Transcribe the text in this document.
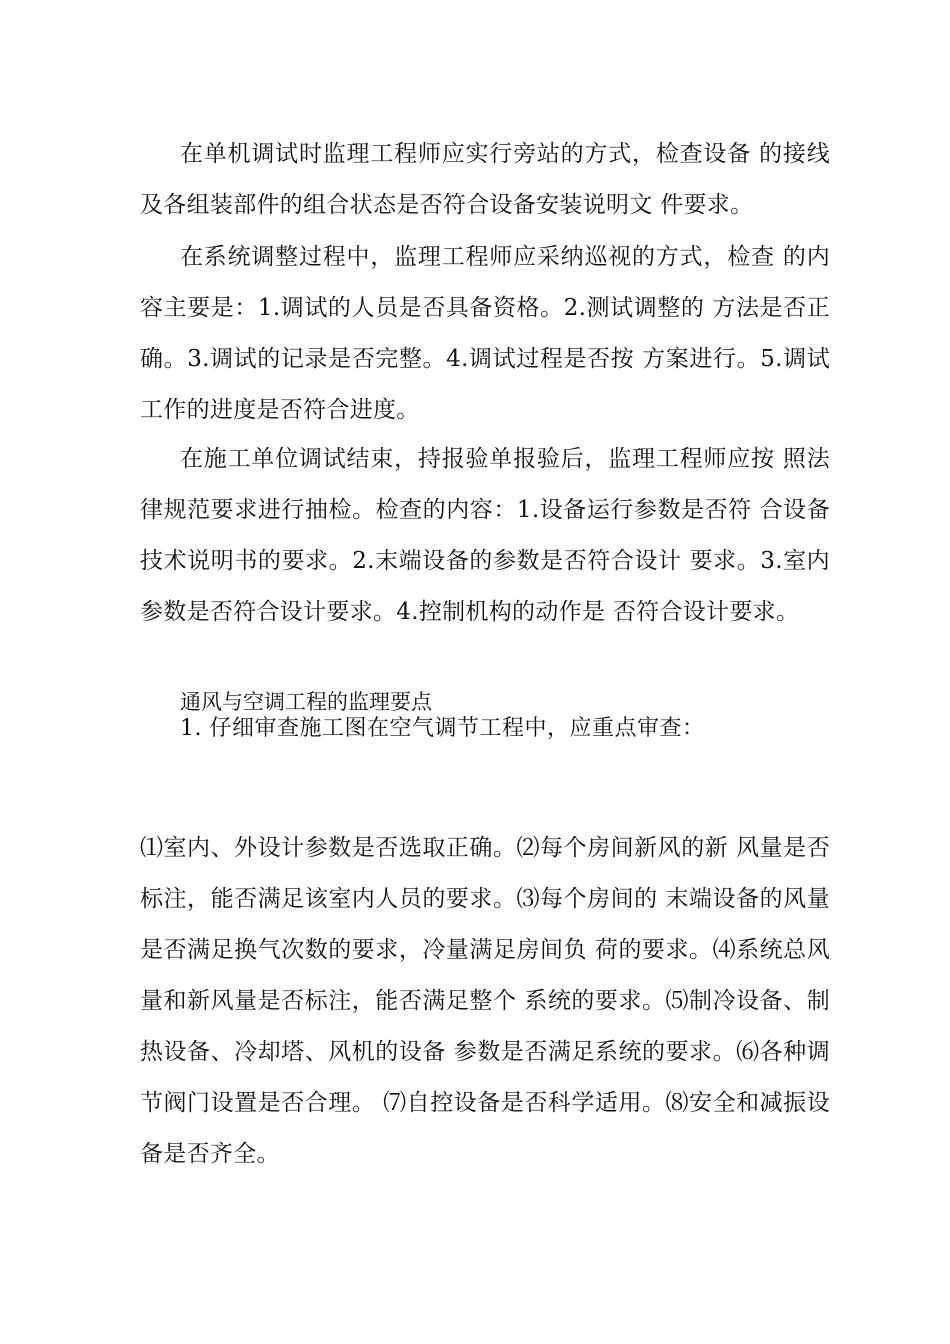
在单机调试时监理工程师应实行旁站的方式，检查设备 的接线及各组装部件的组合状态是否符合设备安装说明文 件要求。

在系统调整过程中，监理工程师应采纳巡视的方式，检查 的内容主要是：1.调试的人员是否具备资格。2.测试调整的 方法是否正确。3.调试的记录是否完整。4.调试过程是否按 方案进行。5.调试工作的进度是否符合进度。

在施工单位调试结束，持报验单报验后，监理工程师应按 照法律规范要求进行抽检。检查的内容：1.设备运行参数是否符 合设备技术说明书的要求。2.末端设备的参数是否符合设计 要求。3.室内参数是否符合设计要求。4.控制机构的动作是 否符合设计要求。

通风与空调工程的监理要点

1. 仔细审查施工图在空气调节工程中，应重点审查：

⑴室内、外设计参数是否选取正确。⑵每个房间新风的新 风量是否标注，能否满足该室内人员的要求。⑶每个房间的 末端设备的风量是否满足换气次数的要求，冷量满足房间负 荷的要求。⑷系统总风量和新风量是否标注，能否满足整个 系统的要求。⑸制冷设备、制热设备、冷却塔、风机的设备 参数是否满足系统的要求。⑹各种调节阀门设置是否合理。 ⑺自控设备是否科学适用。⑻安全和减振设备是否齐全。
